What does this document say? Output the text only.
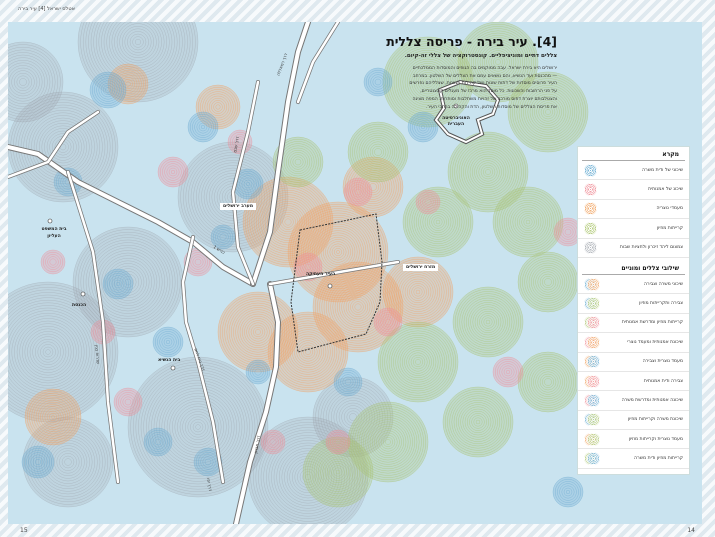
אטלס ישראל [4] עיר בירה
העיר העתיקה
מערב ירושלים
מזרח ירושלים
האוניברסיטה העברית
בית המשפט העליון
הכנסת
בית הנשיא
דרך רמאללה
דרך שכם
כביש 1
שדרות בגין	דרך בית לחם
דרך חברון
דרך יפו
[4]. עיר בירה - פריסה צללית
צללים דתיים ומוניציפליים. קונסטרוקציה של צללי זה-קיום.
ירושלים היא בירת ישראל. עבה ממוקמים בה הגופים והמוסדות הממלכתיים — מהכנסת ועד הנשיא, והם נושאים עמם את הצללים של השלטון. במרחב העיר פרוסים מוסדות של דתות שונות ושל קהילות מגוונות, שצלליהם נפרשים על פני הרחובות והשכונות. כל מוסד הוא מרכז של מעגלים קונצנטריים, והצטלבותם יוצרת דפוס מורכב של זהויות משתלבות וסותרות. המפה מציגה את פריסת הצללים של מוסדות השלטון, הדת והקהילה ברחבי העיר.
מקרא
שיכוני של ודית משרה
שיכונ של אמנותית
מעמדי נוצריה
קרייתות מוזיון
צמצום ליהד זיכרון ולחציות שבות
שילובי צללים ומוניים
שיכוני משרה וצבירה
צבירה ותקרייתות מוזיון
קרייתות מוזיון ומדרשת אמנותית
שיכונת אמנותית ומעמד נוצרי
מעמד נוצרית וצבירה
צבירה ודית אמנותית
שיכונה אמנותית ומדרשת משרה
שיכונת משרה וקרייתות מוזיון
מעמד נוצרית וקרייתות מוזיון
קרייתות מוזיון ודית משרה
15	14
